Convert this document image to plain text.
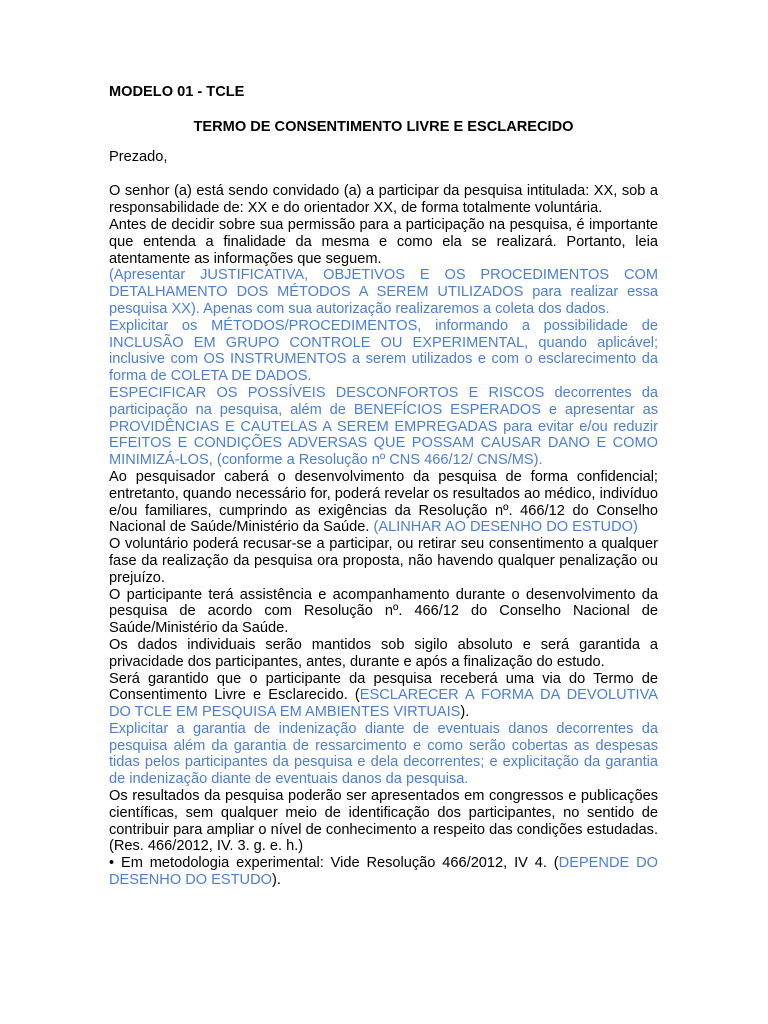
MODELO 01 - TCLE
TERMO DE CONSENTIMENTO LIVRE E ESCLARECIDO
Prezado,

O senhor (a) está sendo convidado (a) a participar da pesquisa intitulada: XX, sob a responsabilidade de: XX e do orientador XX, de forma totalmente voluntária.

Antes de decidir sobre sua permissão para a participação na pesquisa, é importante que entenda a finalidade da mesma e como ela se realizará. Portanto, leia atentamente as informações que seguem.

(Apresentar JUSTIFICATIVA, OBJETIVOS E OS PROCEDIMENTOS COM DETALHAMENTO DOS MÉTODOS A SEREM UTILIZADOS para realizar essa pesquisa XX). Apenas com sua autorização realizaremos a coleta dos dados.

Explicitar os MÉTODOS/PROCEDIMENTOS, informando a possibilidade de INCLUSÃO EM GRUPO CONTROLE OU EXPERIMENTAL, quando aplicável; inclusive com OS INSTRUMENTOS a serem utilizados e com o esclarecimento da forma de COLETA DE DADOS.

ESPECIFICAR OS POSSÍVEIS DESCONFORTOS E RISCOS decorrentes da participação na pesquisa, além de BENEFÍCIOS ESPERADOS e apresentar as PROVIDÊNCIAS E CAUTELAS A SEREM EMPREGADAS para evitar e/ou reduzir EFEITOS E CONDIÇÕES ADVERSAS QUE POSSAM CAUSAR DANO E COMO MINIMIZÁ-LOS, (conforme a Resolução nº CNS 466/12/ CNS/MS).

Ao pesquisador caberá o desenvolvimento da pesquisa de forma confidencial; entretanto, quando necessário for, poderá revelar os resultados ao médico, indivíduo e/ou familiares, cumprindo as exigências da Resolução nº. 466/12 do Conselho Nacional de Saúde/Ministério da Saúde. (ALINHAR AO DESENHO DO ESTUDO)

O voluntário poderá recusar-se a participar, ou retirar seu consentimento a qualquer fase da realização da pesquisa ora proposta, não havendo qualquer penalização ou prejuízo.

O participante terá assistência e acompanhamento durante o desenvolvimento da pesquisa de acordo com Resolução nº. 466/12 do Conselho Nacional de Saúde/Ministério da Saúde.

Os dados individuais serão mantidos sob sigilo absoluto e será garantida a privacidade dos participantes, antes, durante e após a finalização do estudo.

Será garantido que o participante da pesquisa receberá uma via do Termo de Consentimento Livre e Esclarecido. (ESCLARECER A FORMA DA DEVOLUTIVA DO TCLE EM PESQUISA EM AMBIENTES VIRTUAIS).

Explicitar a garantia de indenização diante de eventuais danos decorrentes da pesquisa além da garantia de ressarcimento e como serão cobertas as despesas tidas pelos participantes da pesquisa e dela decorrentes; e explicitação da garantia de indenização diante de eventuais danos da pesquisa.

Os resultados da pesquisa poderão ser apresentados em congressos e publicações científicas, sem qualquer meio de identificação dos participantes, no sentido de contribuir para ampliar o nível de conhecimento a respeito das condições estudadas. (Res. 466/2012, IV. 3. g. e. h.)

• Em metodologia experimental: Vide Resolução 466/2012, IV 4. (DEPENDE DO DESENHO DO ESTUDO).
